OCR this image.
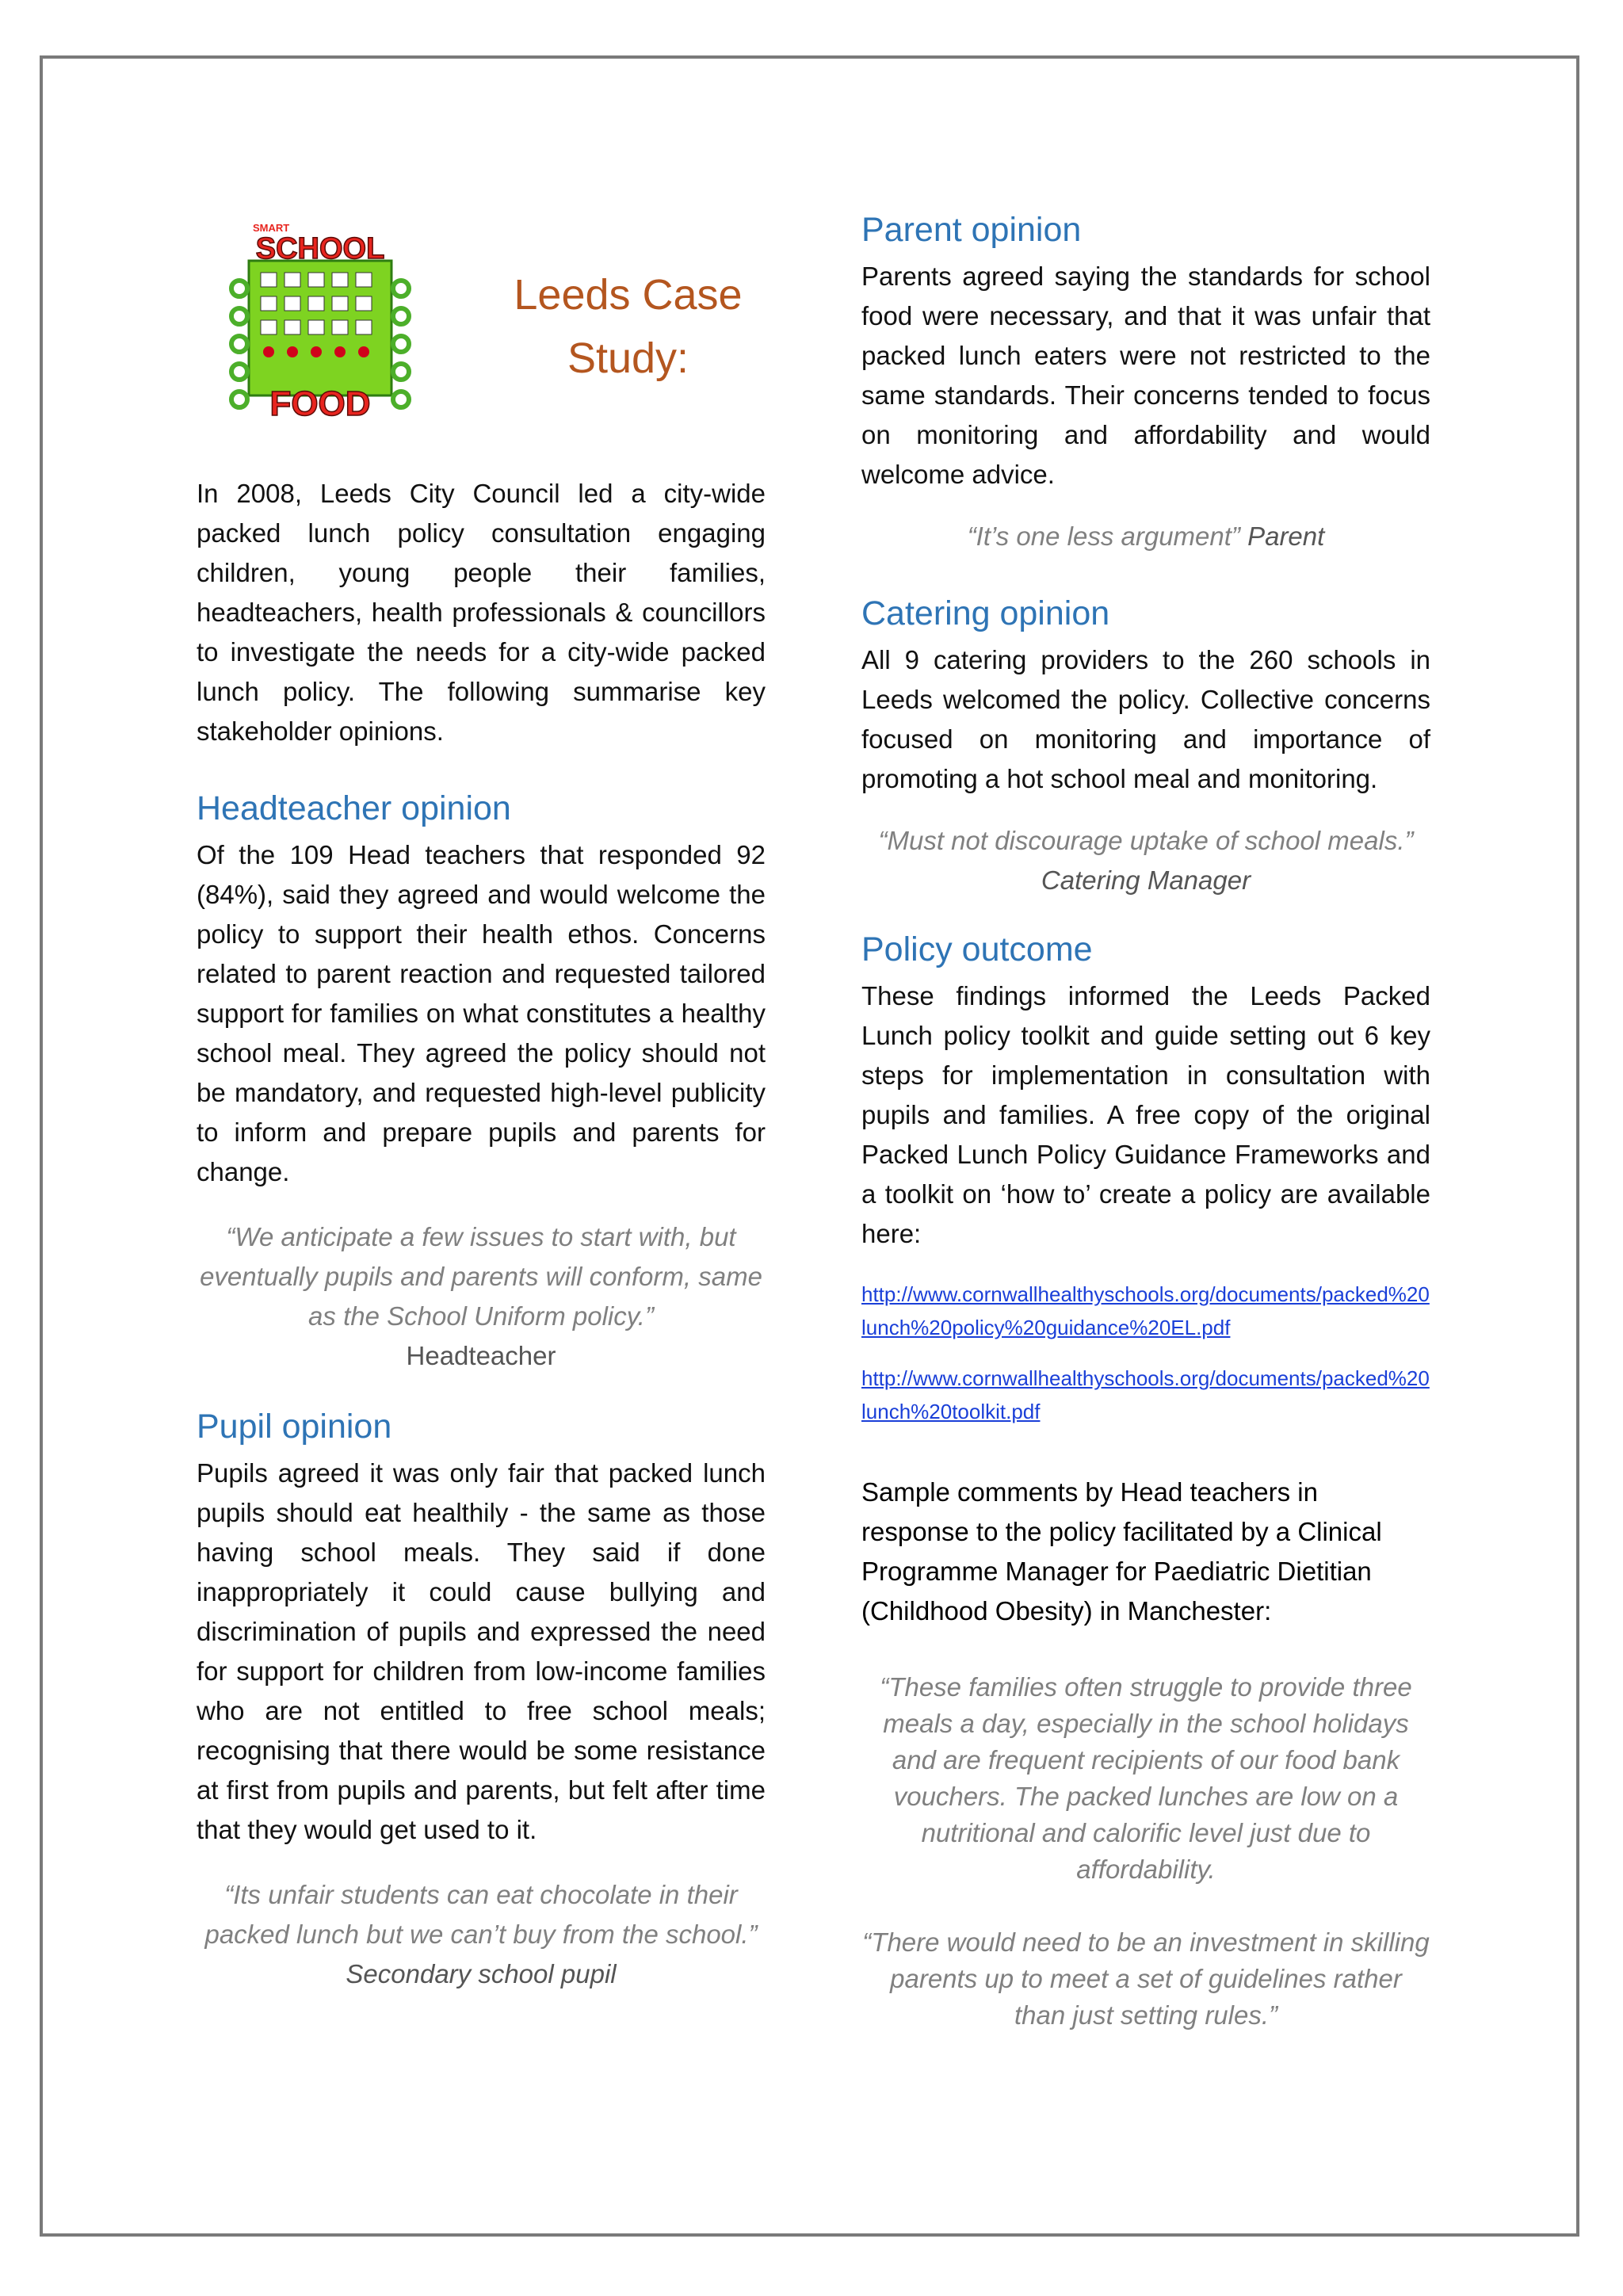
SCHOOL
SMART
FOOD
Leeds Case
Study:

In 2008, Leeds City Council led a city-wide packed lunch policy consultation engaging children, young people their families, headteachers, health professionals & councillors to investigate the needs for a city-wide packed lunch policy. The following summarise key stakeholder opinions.

Headteacher opinion

Of the 109 Head teachers that responded 92 (84%), said they agreed and would welcome the policy to support their health ethos. Concerns related to parent reaction and requested tailored support for families on what constitutes a healthy school meal. They agreed the policy should not be mandatory, and requested high-level publicity to inform and prepare pupils and parents for change.

“We anticipate a few issues to start with, but eventually pupils and parents will conform, same as the School Uniform policy.”
Headteacher
Pupil opinion

Pupils agreed it was only fair that packed lunch pupils should eat healthily - the same as those having school meals. They said if done inappropriately it could cause bullying and discrimination of pupils and expressed the need for support for children from low-income families who are not entitled to free school meals; recognising that there would be some resistance at first from pupils and parents, but felt after time that they would get used to it.

“Its unfair students can eat chocolate in their packed lunch but we can’t buy from the school.” Secondary school pupil
Parent opinion

Parents agreed saying the standards for school food were necessary, and that it was unfair that packed lunch eaters were not restricted to the same standards. Their concerns tended to focus on monitoring and affordability and would welcome advice.

“It’s one less argument” Parent
Catering opinion

All 9 catering providers to the 260 schools in Leeds welcomed the policy. Collective concerns focused on monitoring and importance of promoting a hot school meal and monitoring.

“Must not discourage uptake of school meals.”
Catering Manager
Policy outcome

These findings informed the Leeds Packed Lunch policy toolkit and guide setting out 6 key steps for implementation in consultation with pupils and families. A free copy of the original Packed Lunch Policy Guidance Frameworks and a toolkit on ‘how to’ create a policy are available here:

http://www.cornwallhealthyschools.org/documents/packed%20lunch%20policy%20guidance%20EL.pdf

http://www.cornwallhealthyschools.org/documents/packed%20lunch%20toolkit.pdf

Sample comments by Head teachers in response to the policy facilitated by a Clinical Programme Manager for Paediatric Dietitian (Childhood Obesity) in Manchester:

“These families often struggle to provide three meals a day, especially in the school holidays and are frequent recipients of our food bank vouchers. The packed lunches are low on a nutritional and calorific level just due to affordability.
“There would need to be an investment in skilling parents up to meet a set of guidelines rather than just setting rules.”
